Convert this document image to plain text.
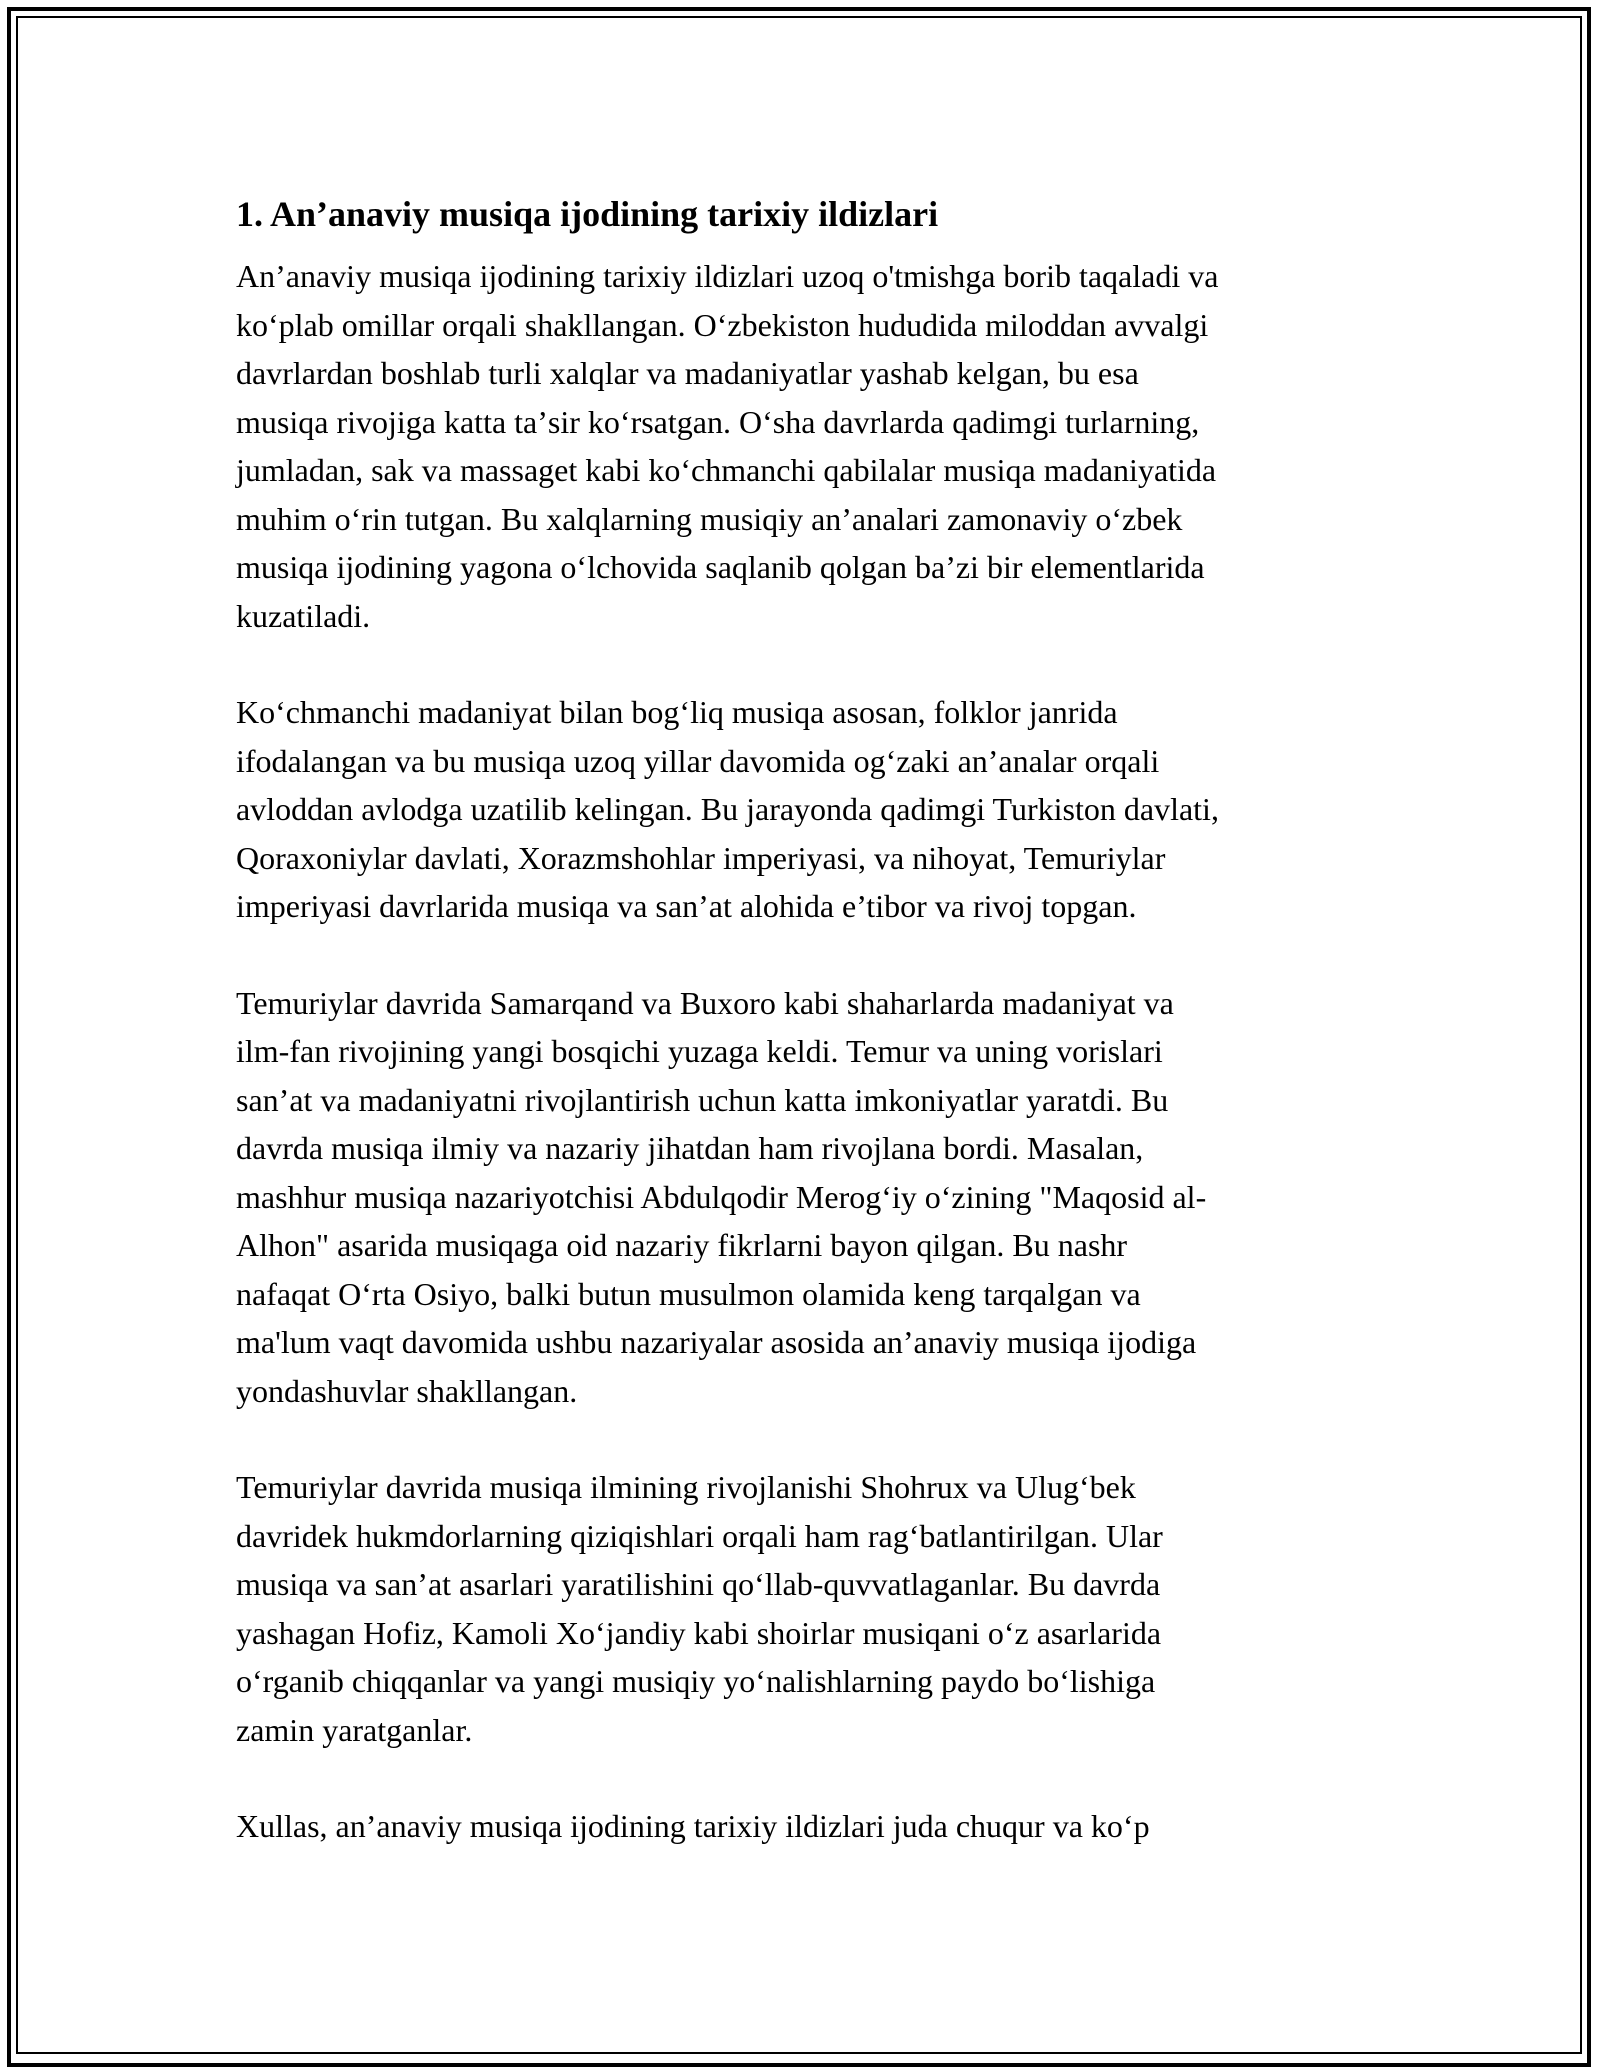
1. An’anaviy musiqa ijodining tarixiy ildizlari
An’anaviy musiqa ijodining tarixiy ildizlari uzoq o'tmishga borib taqaladi va
koʻplab omillar orqali shakllangan. Oʻzbekiston hududida miloddan avvalgi
davrlardan boshlab turli xalqlar va madaniyatlar yashab kelgan, bu esa
musiqa rivojiga katta taʼsir koʻrsatgan. Oʻsha davrlarda qadimgi turlarning,
jumladan, sak va massaget kabi koʻchmanchi qabilalar musiqa madaniyatida
muhim oʻrin tutgan. Bu xalqlarning musiqiy an’analari zamonaviy oʻzbek
musiqa ijodining yagona oʻlchovida saqlanib qolgan ba’zi bir elementlarida
kuzatiladi.
Koʻchmanchi madaniyat bilan bogʻliq musiqa asosan, folklor janrida
ifodalangan va bu musiqa uzoq yillar davomida ogʻzaki an’analar orqali
avloddan avlodga uzatilib kelingan. Bu jarayonda qadimgi Turkiston davlati,
Qoraxoniylar davlati, Xorazmshohlar imperiyasi, va nihoyat, Temuriylar
imperiyasi davrlarida musiqa va san’at alohida e’tibor va rivoj topgan.
Temuriylar davrida Samarqand va Buxoro kabi shaharlarda madaniyat va
ilm-fan rivojining yangi bosqichi yuzaga keldi. Temur va uning vorislari
san’at va madaniyatni rivojlantirish uchun katta imkoniyatlar yaratdi. Bu
davrda musiqa ilmiy va nazariy jihatdan ham rivojlana bordi. Masalan,
mashhur musiqa nazariyotchisi Abdulqodir Merogʻiy oʻzining "Maqosid al-
Alhon" asarida musiqaga oid nazariy fikrlarni bayon qilgan. Bu nashr
nafaqat Oʻrta Osiyo, balki butun musulmon olamida keng tarqalgan va
ma'lum vaqt davomida ushbu nazariyalar asosida an’anaviy musiqa ijodiga
yondashuvlar shakllangan.
Temuriylar davrida musiqa ilmining rivojlanishi Shohrux va Ulugʻbek
davridek hukmdorlarning qiziqishlari orqali ham ragʻbatlantirilgan. Ular
musiqa va san’at asarlari yaratilishini qoʻllab-quvvatlaganlar. Bu davrda
yashagan Hofiz, Kamoli Xoʻjandiy kabi shoirlar musiqani oʻz asarlarida
oʻrganib chiqqanlar va yangi musiqiy yoʻnalishlarning paydo boʻlishiga
zamin yaratganlar.
Xullas, an’anaviy musiqa ijodining tarixiy ildizlari juda chuqur va koʻp
